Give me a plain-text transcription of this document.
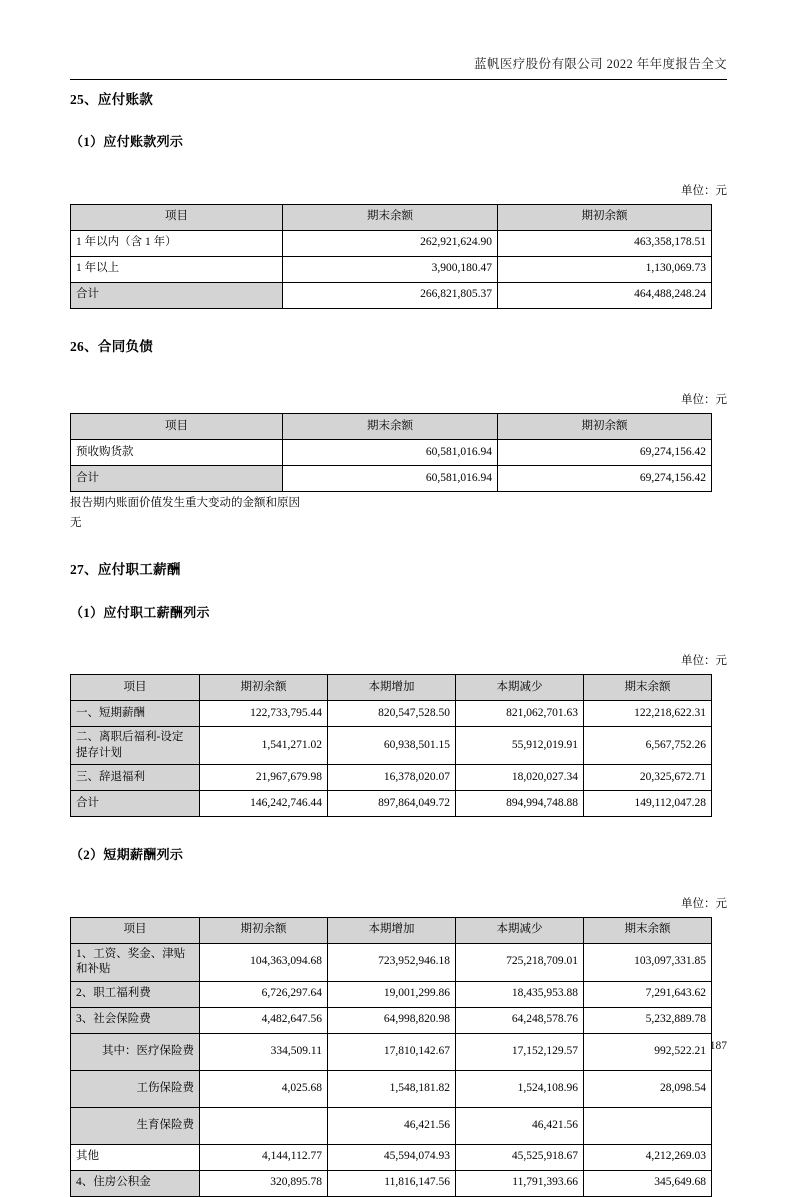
蓝帆医疗股份有限公司 2022 年年度报告全文
25、应付账款
（1）应付账款列示
单位：元
项目	期末余额	期初余额
1 年以内（含 1 年）	262,921,624.90	463,358,178.51
1 年以上	3,900,180.47	1,130,069.73
合计	266,821,805.37	464,488,248.24
26、合同负债
单位：元
项目	期末余额	期初余额
预收购货款	60,581,016.94	69,274,156.42
合计	60,581,016.94	69,274,156.42
报告期内账面价值发生重大变动的金额和原因
无
27、应付职工薪酬
（1）应付职工薪酬列示
单位：元
项目	期初余额	本期增加	本期减少	期末余额
一、短期薪酬	122,733,795.44	820,547,528.50	821,062,701.63	122,218,622.31
二、离职后福利-设定提存计划	1,541,271.02	60,938,501.15	55,912,019.91	6,567,752.26
三、辞退福利	21,967,679.98	16,378,020.07	18,020,027.34	20,325,672.71
合计	146,242,746.44	897,864,049.72	894,994,748.88	149,112,047.28
（2）短期薪酬列示
单位：元
项目	期初余额	本期增加	本期减少	期末余额
1、工资、奖金、津贴和补贴	104,363,094.68	723,952,946.18	725,218,709.01	103,097,331.85
2、职工福利费	6,726,297.64	19,001,299.86	18,435,953.88	7,291,643.62
3、社会保险费	4,482,647.56	64,998,820.98	64,248,578.76	5,232,889.78
其中：医疗保险费	334,509.11	17,810,142.67	17,152,129.57	992,522.21
工伤保险费	4,025.68	1,548,181.82	1,524,108.96	28,098.54
生育保险费		46,421.56	46,421.56	
其他	4,144,112.77	45,594,074.93	45,525,918.67	4,212,269.03
4、住房公积金	320,895.78	11,816,147.56	11,791,393.66	345,649.68
187
